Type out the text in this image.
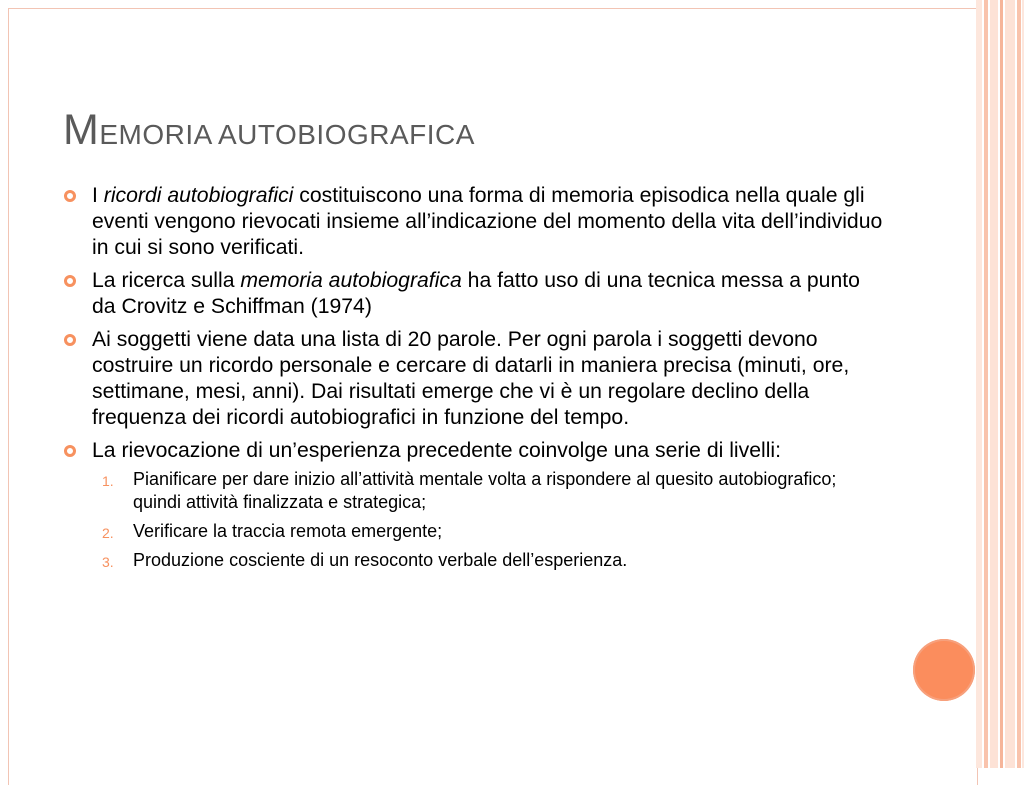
MEMORIA AUTOBIOGRAFICA
I ricordi autobiografici costituiscono una forma di memoria episodica nella quale gli eventi vengono rievocati insieme all’indicazione del momento della vita dell’individuo in cui si sono verificati.
La ricerca sulla memoria autobiografica ha fatto uso di una tecnica messa a punto da Crovitz e Schiffman (1974)
Ai soggetti viene data una lista di 20 parole. Per ogni parola i soggetti devono costruire un ricordo personale e cercare di datarli in maniera precisa (minuti, ore, settimane, mesi, anni). Dai risultati emerge che vi è un regolare declino della frequenza dei ricordi autobiografici in funzione del tempo.
La rievocazione di un’esperienza precedente coinvolge una serie di livelli:
1. Pianificare per dare inizio all’attività mentale volta a rispondere al quesito autobiografico; quindi attività finalizzata e strategica;
2. Verificare la traccia remota emergente;
3. Produzione cosciente di un resoconto verbale dell’esperienza.
